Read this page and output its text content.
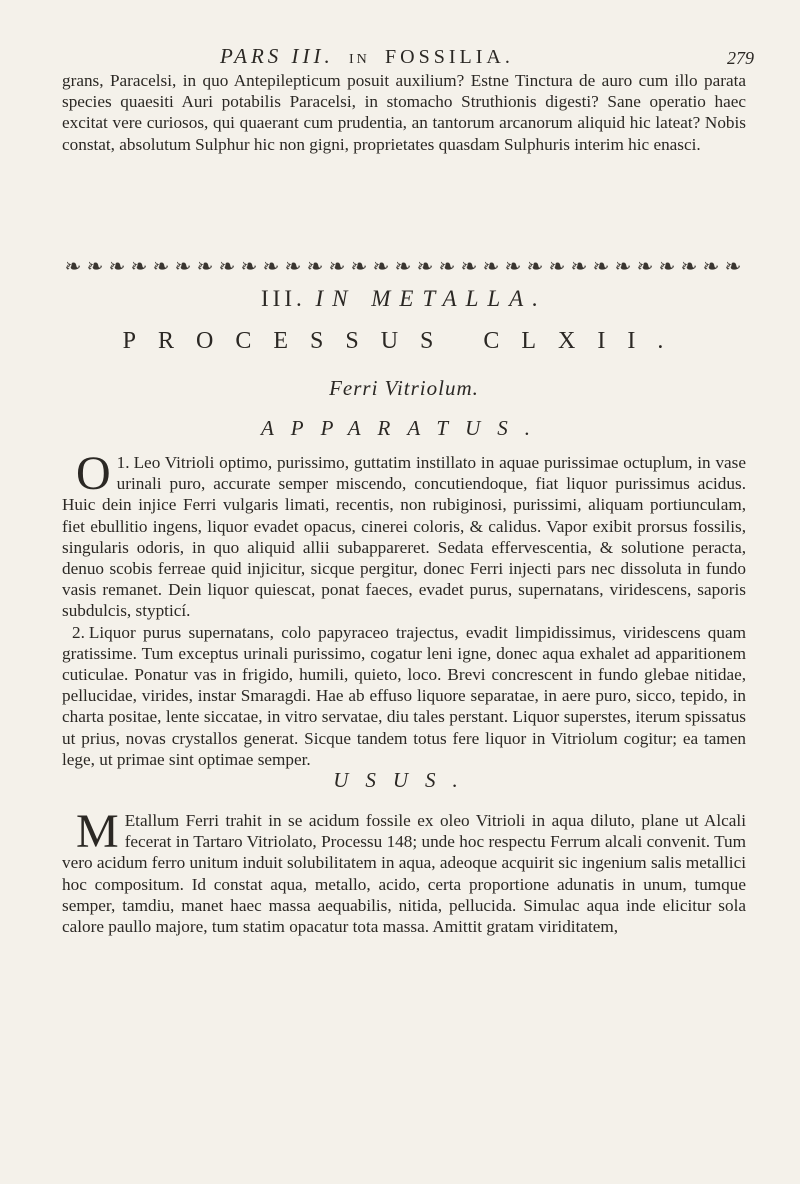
PARS III. IN FOSSILIA.	279

grans, Paracelsi, in quo Antepilepticum posuit auxilium? Estne Tinctura de auro cum illo parata species quaesiti Auri potabilis Paracelsi, in stomacho Struthionis digesti? Sane operatio haec excitat vere curiosos, qui quaerant cum prudentia, an tantorum arcanorum aliquid hic lateat? Nobis constat, absolutum Sulphur hic non gigni, proprietates quasdam Sulphuris interim hic enasci.

❧ ❧ ❧ ❧ ❧ ❧ ❧ ❧ ❧ ❧ ❧ ❧ ❧ ❧ ❧ ❧ ❧ ❧ ❧ ❧ ❧ ❧ ❧ ❧ ❧ ❧ ❧ ❧ ❧ ❧ ❧
III. IN METALLA.
PROCESSUS CLXII.
Ferri Vitriolum.
APPARATUS.

1.
O Leo Vitrioli optimo, purissimo, guttatim instillato in aquae purissimae octuplum, in vase urinali puro, accurate semper miscendo, concutiendoque, fiat liquor purissimus acidus. Huic dein injice Ferri vulgaris limati, recentis, non rubiginosi, purissimi, aliquam portiunculam, fiet ebullitio ingens, liquor evadet opacus, cinerei coloris, & calidus. Vapor exibit prorsus fossilis, singularis odoris, in quo aliquid allii subappareret. Sedata effervescentia, & solutione peracta, denuo scobis ferreae quid injicitur, sicque pergitur, donec Ferri injecti pars nec dissoluta in fundo vasis remanet. Dein liquor quiescat, ponat faeces, evadet purus, supernatans, viridescens, saporis subdulcis, stypticí.

2. Liquor purus supernatans, colo papyraceo trajectus, evadit limpidissimus, viridescens quam gratissime. Tum exceptus urinali purissimo, cogatur leni igne, donec aqua exhalet ad apparitionem cuticulae. Ponatur vas in frigido, humili, quieto, loco. Brevi concrescent in fundo glebae nitidae, pellucidae, virides, instar Smaragdi. Hae ab effuso liquore separatae, in aere puro, sicco, tepido, in charta positae, lente siccatae, in vitro servatae, diu tales perstant. Liquor superstes, iterum spissatus ut prius, novas crystallos generat. Sicque tandem totus fere liquor in Vitriolum cogitur; ea tamen lege, ut primae sint optimae semper.

USUS.

M Etallum Ferri trahit in se acidum fossile ex oleo Vitrioli in aqua diluto, plane ut Alcali fecerat in Tartaro Vitriolato, Processu 148; unde hoc respectu Ferrum alcali convenit. Tum vero acidum ferro unitum induit solubilitatem in aqua, adeoque acquirit sic ingenium salis metallici hoc compositum. Id constat aqua, metallo, acido, certa proportione adunatis in unum, tumque semper, tamdiu, manet haec massa aequabilis, nitida, pellucida. Simulac aqua inde elicitur sola calore paullo majore, tum statim opacatur tota massa. Amittit gratam viriditatem,
